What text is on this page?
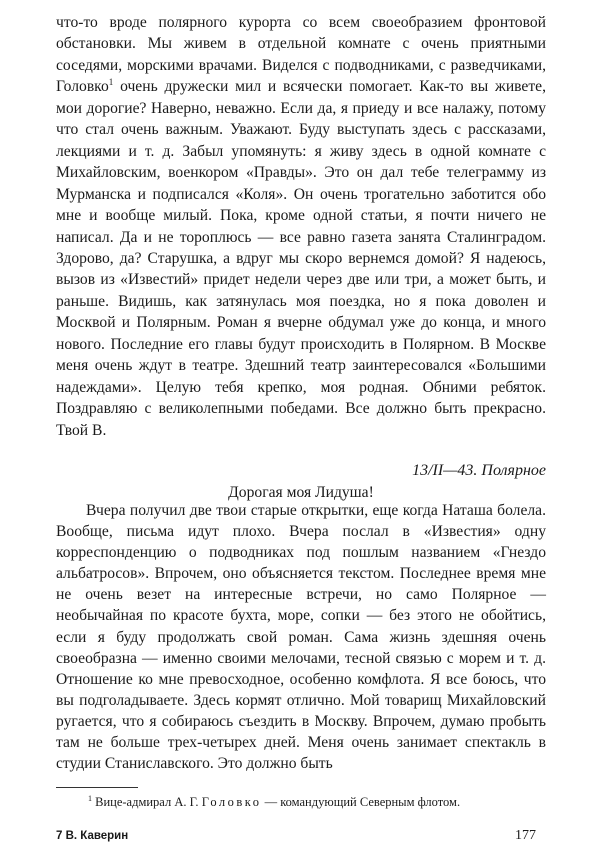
что-то вроде полярного курорта со всем своеобразием фронтовой обстановки. Мы живем в отдельной комнате с очень приятными соседями, морскими врачами. Виделся с подводниками, с разведчиками, Головко$^1$ очень дружески мил и всячески помогает. Как-то вы живете, мои дорогие? Наверно, неважно. Если да, я приеду и все налажу, потому что стал очень важным. Уважают. Буду выступать здесь с рассказами, лекциями и т. д. Забыл упомянуть: я живу здесь в одной комнате с Михайловским, военкором «Правды». Это он дал тебе телеграмму из Мурманска и подписался «Коля». Он очень трогательно заботится обо мне и вообще милый. Пока, кроме одной статьи, я почти ничего не написал. Да и не тороплюсь — все равно газета занята Сталинградом. Здорово, да? Старушка, а вдруг мы скоро вернемся домой? Я надеюсь, вызов из «Известий» придет недели через две или три, а может быть, и раньше. Видишь, как затянулась моя поездка, но я пока доволен и Москвой и Полярным. Роман я вчерне обдумал уже до конца, и много нового. Последние его главы будут происходить в Полярном. В Москве меня очень ждут в театре. Здешний театр заинтересовался «Большими надеждами». Целую тебя крепко, моя родная. Обними ребяток. Поздравляю с великолепными победами. Все должно быть прекрасно. Твой В.

13/II—43. Полярное

Дорогая моя Лидуша!

Вчера получил две твои старые открытки, еще когда Наташа болела. Вообще, письма идут плохо. Вчера послал в «Известия» одну корреспонденцию о подводниках под пошлым названием «Гнездо альбатросов». Впрочем, оно объясняется текстом. Последнее время мне не очень везет на интересные встречи, но само Полярное — необычайная по красоте бухта, море, сопки — без этого не обойтись, если я буду продолжать свой роман. Сама жизнь здешняя очень своеобразна — именно своими мелочами, тесной связью с морем и т. д. Отношение ко мне превосходное, особенно комфлота. Я все боюсь, что вы подголадываете. Здесь кормят отлично. Мой товарищ Михайловский ругается, что я собираюсь съездить в Москву. Впрочем, думаю пробыть там не больше трех-четырех дней. Меня очень занимает спектакль в студии Станиславского. Это должно быть

$^1$ Вице-адмирал А. Г. Головко — командующий Северным флотом.

7 В. Каверин	177
